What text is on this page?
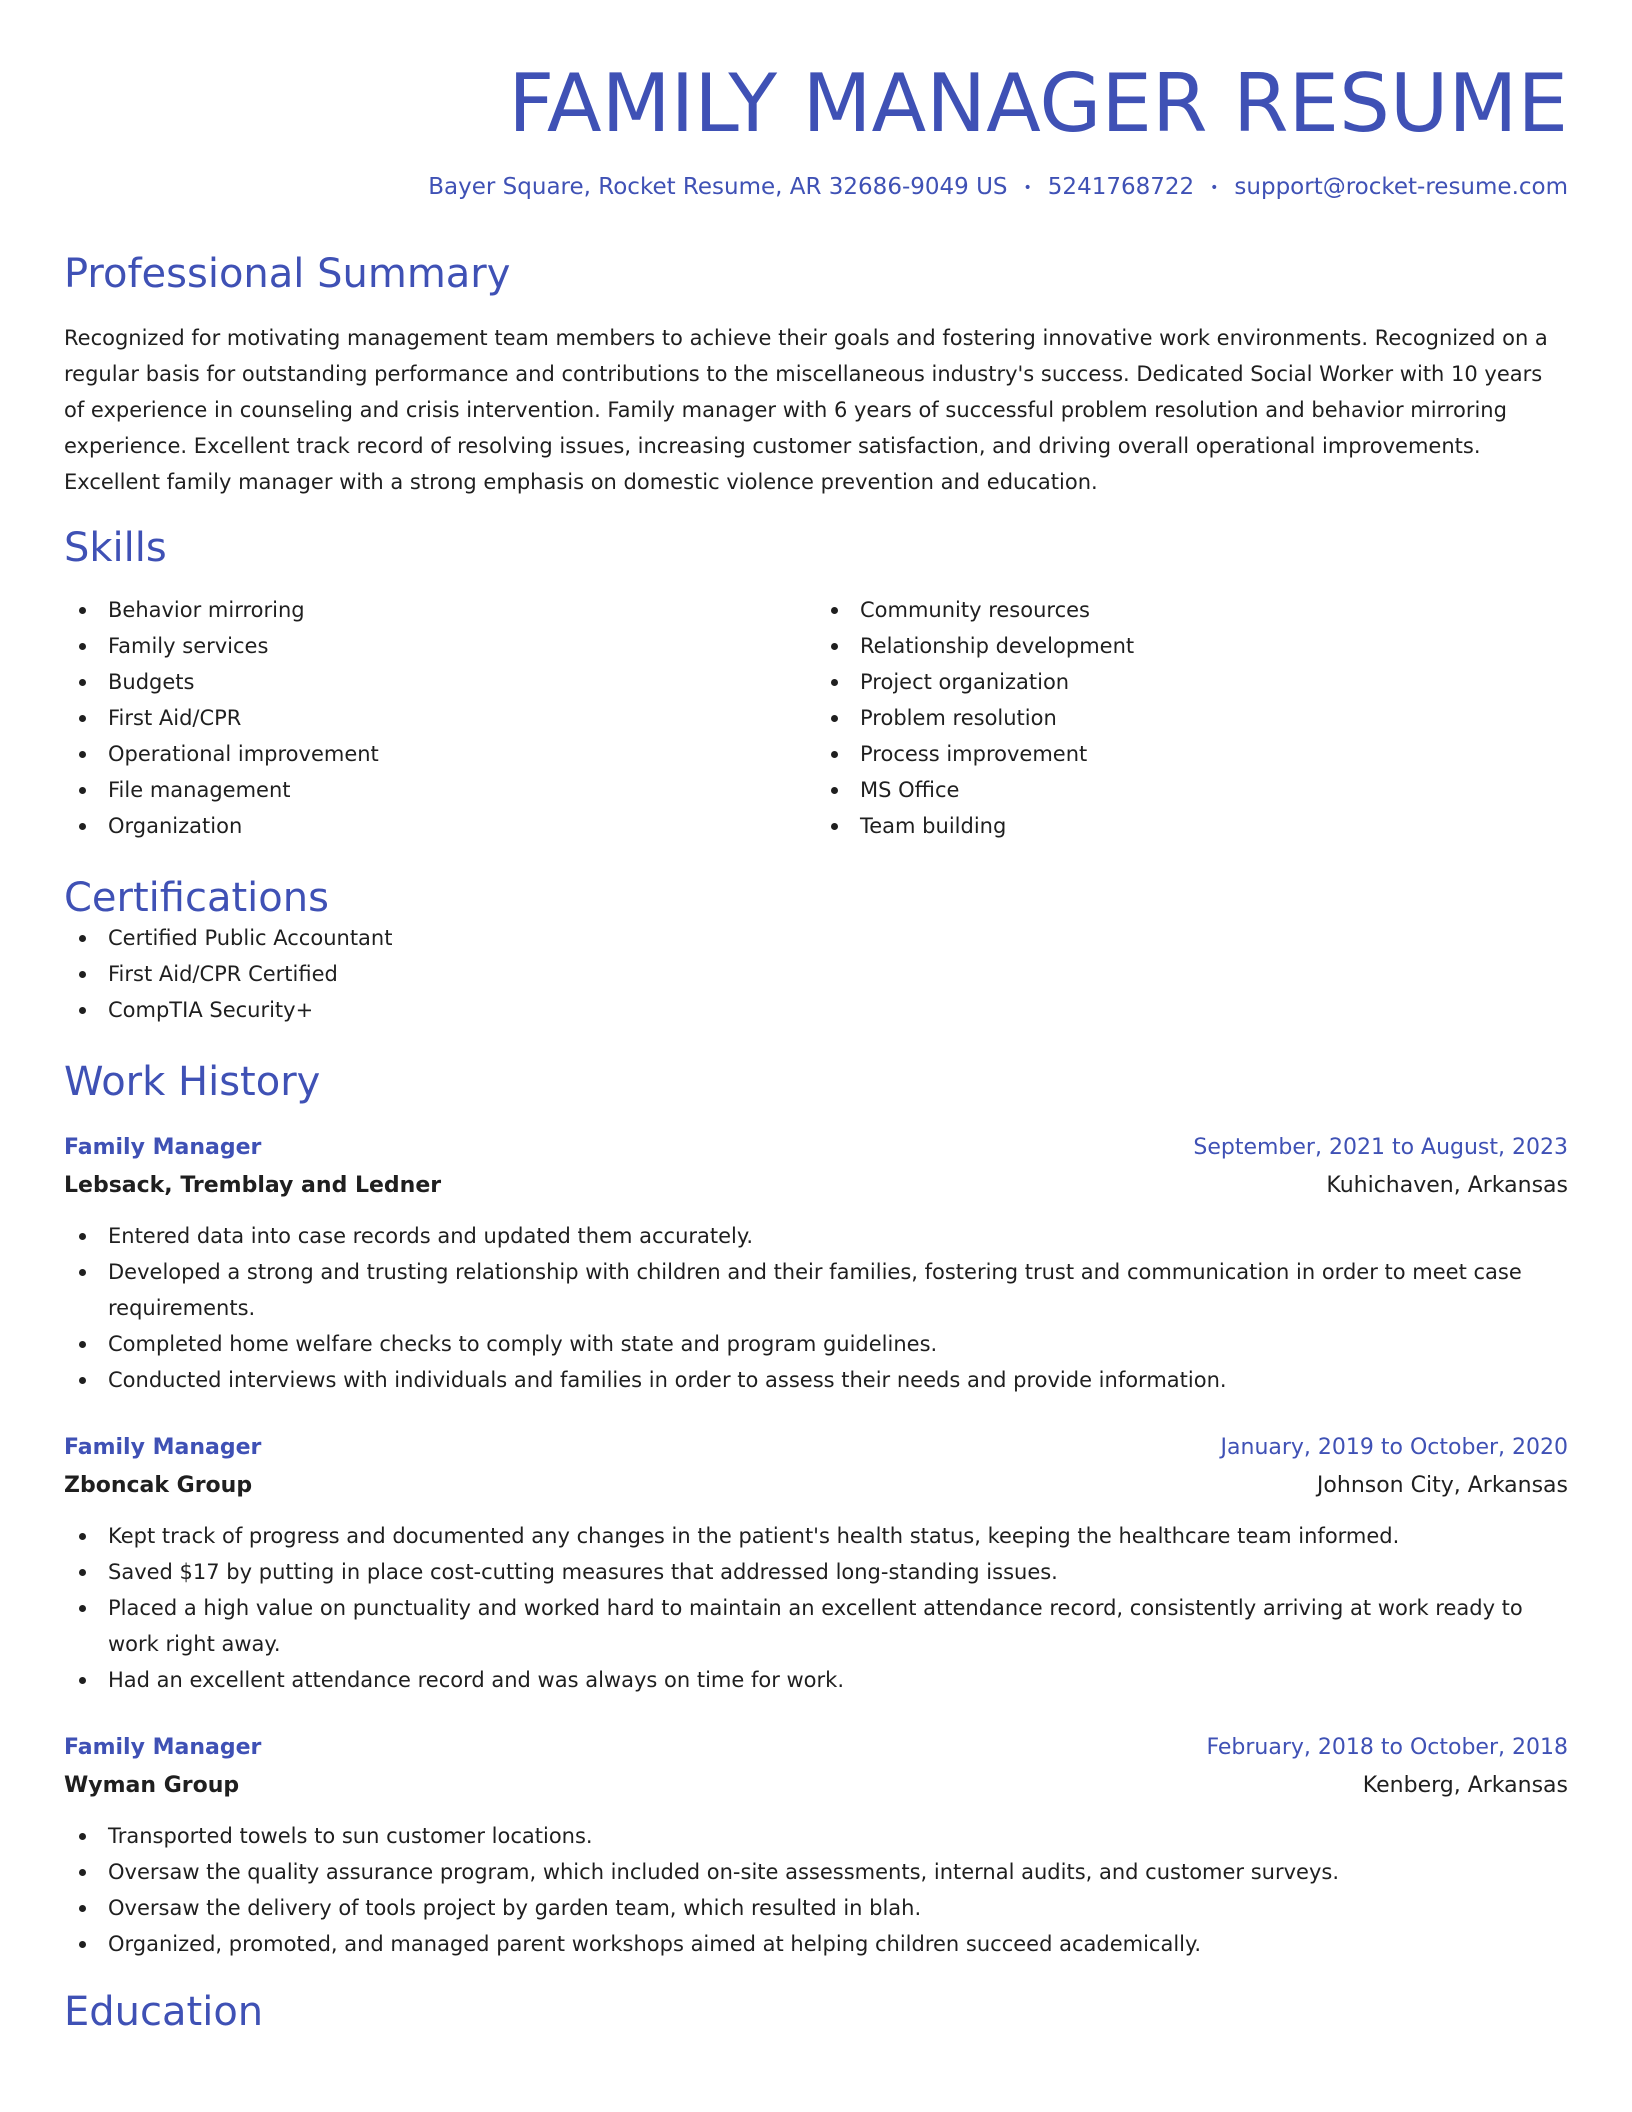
FAMILY MANAGER RESUME
Bayer Square, Rocket Resume, AR 32686-9049 US • 5241768722 • support@rocket-resume.com
Professional Summary
Recognized for motivating management team members to achieve their goals and fostering innovative work environments. Recognized on a regular basis for outstanding performance and contributions to the miscellaneous industry's success. Dedicated Social Worker with 10 years of experience in counseling and crisis intervention. Family manager with 6 years of successful problem resolution and behavior mirroring experience. Excellent track record of resolving issues, increasing customer satisfaction, and driving overall operational improvements. Excellent family manager with a strong emphasis on domestic violence prevention and education.
Skills
Behavior mirroring
Family services
Budgets
First Aid/CPR
Operational improvement
File management
Organization
Community resources
Relationship development
Project organization
Problem resolution
Process improvement
MS Office
Team building
Certifications
Certified Public Accountant
First Aid/CPR Certified
CompTIA Security+
Work History
Family Manager	September, 2021 to August, 2023
Lebsack, Tremblay and Ledner	Kuhichaven, Arkansas
Entered data into case records and updated them accurately.
Developed a strong and trusting relationship with children and their families, fostering trust and communication in order to meet case requirements.
Completed home welfare checks to comply with state and program guidelines.
Conducted interviews with individuals and families in order to assess their needs and provide information.
Family Manager	January, 2019 to October, 2020
Zboncak Group	Johnson City, Arkansas
Kept track of progress and documented any changes in the patient's health status, keeping the healthcare team informed.
Saved $17 by putting in place cost-cutting measures that addressed long-standing issues.
Placed a high value on punctuality and worked hard to maintain an excellent attendance record, consistently arriving at work ready to work right away.
Had an excellent attendance record and was always on time for work.
Family Manager	February, 2018 to October, 2018
Wyman Group	Kenberg, Arkansas
Transported towels to sun customer locations.
Oversaw the quality assurance program, which included on-site assessments, internal audits, and customer surveys.
Oversaw the delivery of tools project by garden team, which resulted in blah.
Organized, promoted, and managed parent workshops aimed at helping children succeed academically.
Education
